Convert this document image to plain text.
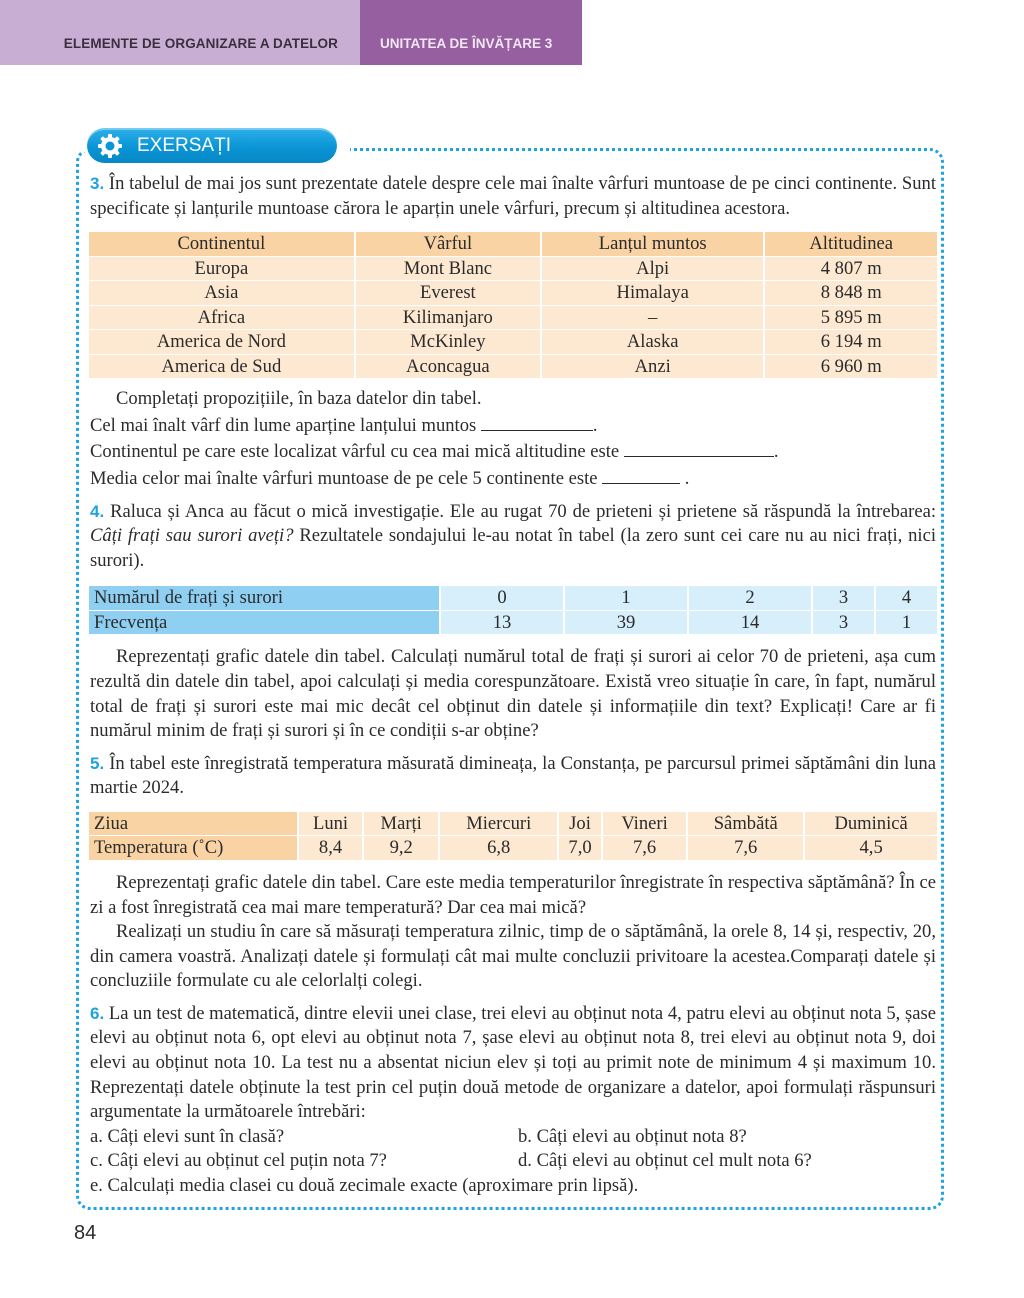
ELEMENTE DE ORGANIZARE A DATELOR	UNITATEA DE ÎNVĂȚARE 3
EXERSAȚI

3. În tabelul de mai jos sunt prezentate datele despre cele mai înalte vârfuri muntoase de pe cinci continente. Sunt specificate și lanțurile muntoase cărora le aparțin unele vârfuri, precum și altitudinea acestora.

Continentul	Vârful	Lanțul muntos	Altitudinea
Europa	Mont Blanc	Alpi	4 807 m
Asia	Everest	Himalaya	8 848 m
Africa	Kilimanjaro	–	5 895 m
America de Nord	McKinley	Alaska	6 194 m
America de Sud	Aconcagua	Anzi	6 960 m

Completați propozițiile, în baza datelor din tabel.

Cel mai înalt vârf din lume aparține lanțului muntos	.

Continentul pe care este localizat vârful cu cea mai mică altitudine este	.

Media celor mai înalte vârfuri muntoase de pe cele 5 continente este	.

4. Raluca și Anca au făcut o mică investigație. Ele au rugat 70 de prieteni și prietene să răspundă la întrebarea: Câți frați sau surori aveți? Rezultatele sondajului le-au notat în tabel (la zero sunt cei care nu au nici frați, nici surori).

Numărul de frați și surori	0	1	2	3	4
Frecvența	13	39	14	3	1

Reprezentați grafic datele din tabel. Calculați numărul total de frați și surori ai celor 70 de prieteni, așa cum rezultă din datele din tabel, apoi calculați și media corespunzătoare. Există vreo situație în care, în fapt, numărul total de frați și surori este mai mic decât cel obținut din datele și informațiile din text? Explicați! Care ar fi numărul minim de frați și surori și în ce condiții s-ar obține?

5. În tabel este înregistrată temperatura măsurată dimineața, la Constanța, pe parcursul primei săptămâni din luna martie 2024.

Ziua	Luni	Marți	Miercuri	Joi	Vineri	Sâmbătă	Duminică
Temperatura (˚C)	8,4	9,2	6,8	7,0	7,6	7,6	4,5

Reprezentați grafic datele din tabel. Care este media temperaturilor înregistrate în respectiva săptămână? În ce zi a fost înregistrată cea mai mare temperatură? Dar cea mai mică?

Realizați un studiu în care să măsurați temperatura zilnic, timp de o săptămână, la orele 8, 14 și, respectiv, 20, din camera voastră. Analizați datele și formulați cât mai multe concluzii privitoare la acestea.Comparați datele și concluziile formulate cu ale celorlalți colegi.

6. La un test de matematică, dintre elevii unei clase, trei elevi au obținut nota 4, patru elevi au obținut nota 5, șase elevi au obținut nota 6, opt elevi au obținut nota 7, șase elevi au obținut nota 8, trei elevi au obținut nota 9, doi elevi au obținut nota 10. La test nu a absentat niciun elev și toți au primit note de minimum 4 și maximum 10. Reprezentați datele obținute la test prin cel puțin două metode de organizare a datelor, apoi formulați răspunsuri argumentate la următoarele întrebări:

a. Câți elevi sunt în clasă?	b. Câți elevi au obținut nota 8?
c. Câți elevi au obținut cel puțin nota 7?	d. Câți elevi au obținut cel mult nota 6?

e. Calculați media clasei cu două zecimale exacte (aproximare prin lipsă).

84
